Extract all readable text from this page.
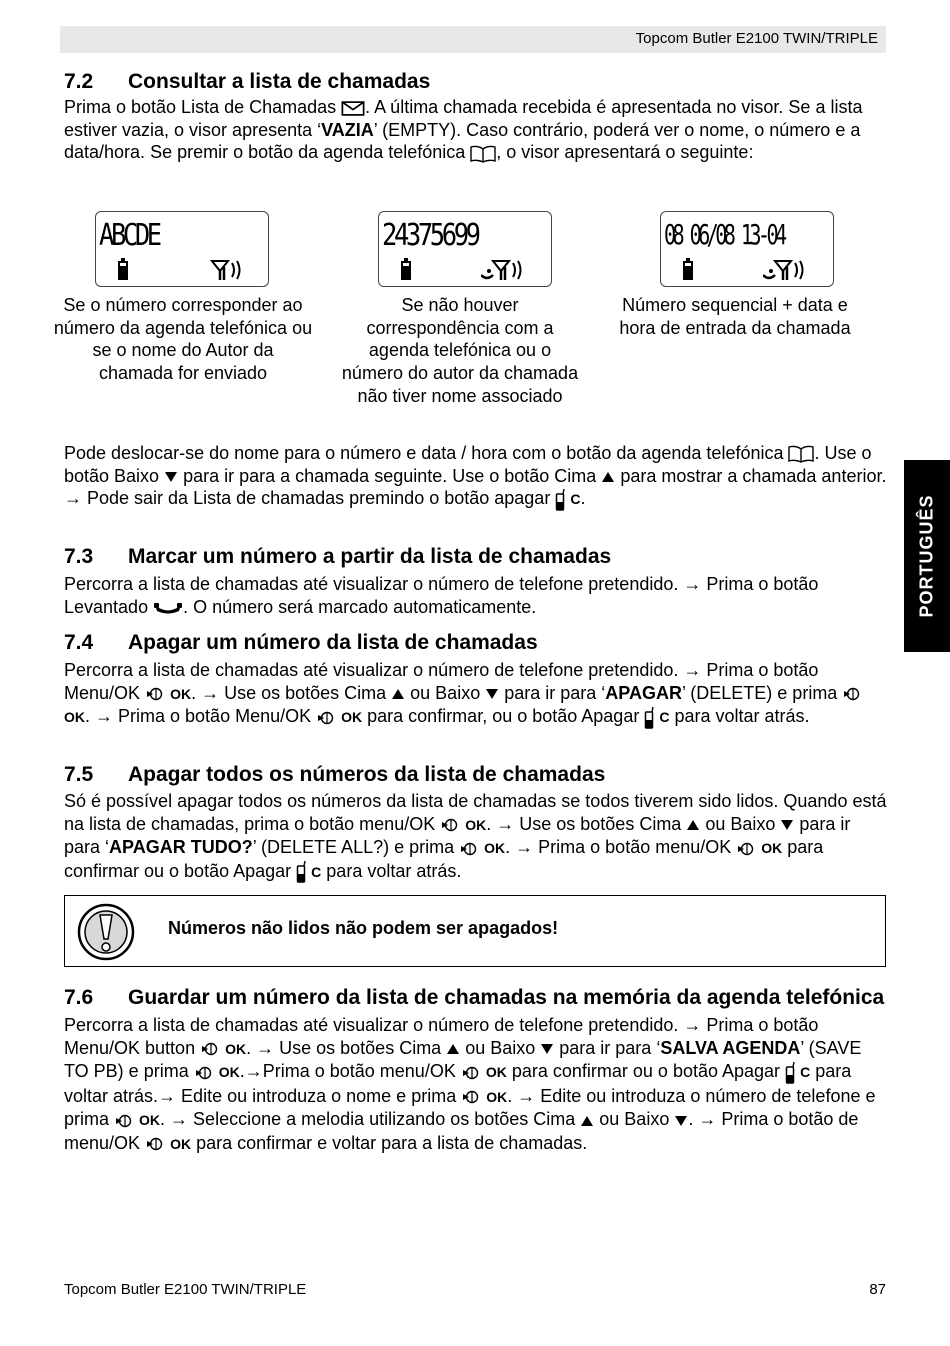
Topcom Butler E2100 TWIN/TRIPLE
PORTUGUÊS
7.2 Consultar a lista de chamadas
Prima o botão Lista de Chamadas . A última chamada recebida é apresentada no visor. Se a lista estiver vazia, o visor apresenta ‘VAZIA’ (EMPTY). Caso contrário, poderá ver o nome, o número e a data/hora. Se premir o botão da agenda telefónica , o visor apresentará o seguinte:
ABCDE	24375699	08 06/08 13-04
Se o número corresponder ao número da agenda telefónica ou se o nome do Autor da chamada for enviado
Se não houver correspondência com a agenda telefónica ou o número do autor da chamada não tiver nome associado
Número sequencial + data e hora de entrada da chamada
Pode deslocar-se do nome para o número e data / hora com o botão da agenda telefónica . Use o botão Baixo  para ir para a chamada seguinte. Use o botão Cima  para mostrar a chamada anterior. → Pode sair da Lista de chamadas premindo o botão apagar  C.
7.3 Marcar um número a partir da lista de chamadas
Percorra a lista de chamadas até visualizar o número de telefone pretendido. → Prima o botão Levantado . O número será marcado automaticamente.
7.4 Apagar um número da lista de chamadas
Percorra a lista de chamadas até visualizar o número de telefone pretendido. → Prima o botão Menu/OK  OK. → Use os botões Cima  ou Baixo  para ir para ‘APAGAR’ (DELETE) e prima  OK. → Prima o botão Menu/OK  OK para confirmar, ou o botão Apagar  C para voltar atrás.
7.5 Apagar todos os números da lista de chamadas
Só é possível apagar todos os números da lista de chamadas se todos tiverem sido lidos. Quando está na lista de chamadas, prima o botão menu/OK  OK. → Use os botões Cima  ou Baixo  para ir para ‘APAGAR TUDO?’ (DELETE ALL?) e prima  OK. → Prima o botão menu/OK  OK para confirmar ou o botão Apagar  C para voltar atrás.
Números não lidos não podem ser apagados!
7.6 Guardar um número da lista de chamadas na memória da agenda telefónica
Percorra a lista de chamadas até visualizar o número de telefone pretendido. → Prima o botão Menu/OK button  OK. → Use os botões Cima  ou Baixo  para ir para ‘SALVA AGENDA’ (SAVE TO PB) e prima  OK.→Prima o botão menu/OK  OK para confirmar ou o botão Apagar  C para voltar atrás.→ Edite ou introduza o nome e prima  OK. → Edite ou introduza o número de telefone e prima  OK. → Seleccione a melodia utilizando os botões Cima  ou Baixo . → Prima o botão de menu/OK  OK para confirmar e voltar para a lista de chamadas.
Topcom Butler E2100 TWIN/TRIPLE	87
